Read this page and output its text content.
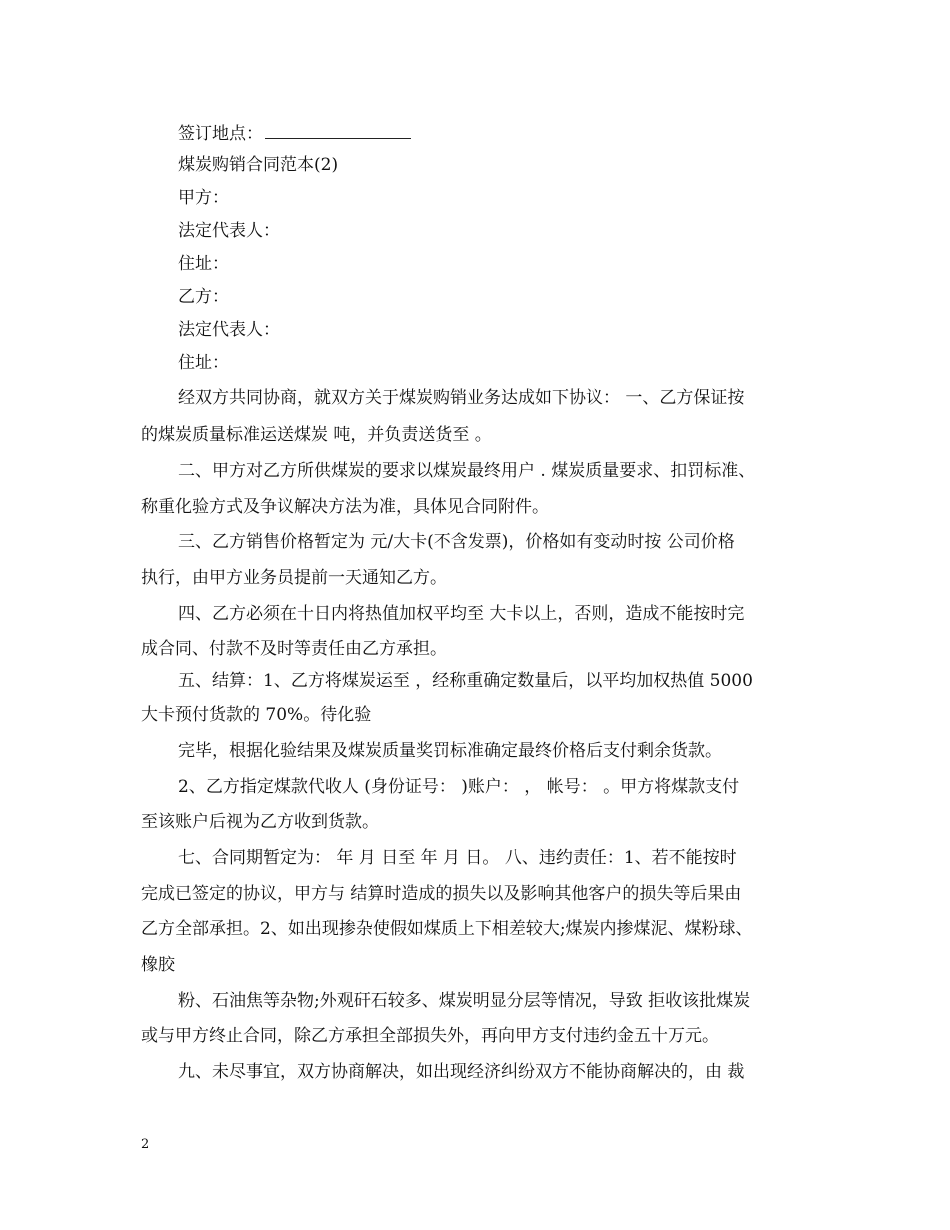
签订地点：
煤炭购销合同范本(2)
甲方：
法定代表人：
住址：
乙方：
法定代表人：
住址：
经双方共同协商，就双方关于煤炭购销业务达成如下协议： 一、乙方保证按
的煤炭质量标准运送煤炭 吨，并负责送货至 。
二、甲方对乙方所供煤炭的要求以煤炭最终用户 . 煤炭质量要求、扣罚标准、
称重化验方式及争议解决方法为准，具体见合同附件。
三、乙方销售价格暂定为 元/大卡(不含发票)，价格如有变动时按 公司价格
执行，由甲方业务员提前一天通知乙方。
四、乙方必须在十日内将热值加权平均至 大卡以上，否则，造成不能按时完
成合同、付款不及时等责任由乙方承担。
五、结算：1、乙方将煤炭运至 ，经称重确定数量后，以平均加权热值 5000
大卡预付货款的 70%。待化验
完毕，根据化验结果及煤炭质量奖罚标准确定最终价格后支付剩余货款。
2、乙方指定煤款代收人 (身份证号： )账户： ， 帐号： 。甲方将煤款支付
至该账户后视为乙方收到货款。
七、合同期暂定为： 年 月 日至 年 月 日。 八、违约责任：1、若不能按时
完成已签定的协议，甲方与 结算时造成的损失以及影响其他客户的损失等后果由
乙方全部承担。2、如出现掺杂使假如煤质上下相差较大;煤炭内掺煤泥、煤粉球、
橡胶
粉、石油焦等杂物;外观矸石较多、煤炭明显分层等情况，导致 拒收该批煤炭
或与甲方终止合同，除乙方承担全部损失外，再向甲方支付违约金五十万元。
九、未尽事宜，双方协商解决，如出现经济纠纷双方不能协商解决的，由 裁
2
